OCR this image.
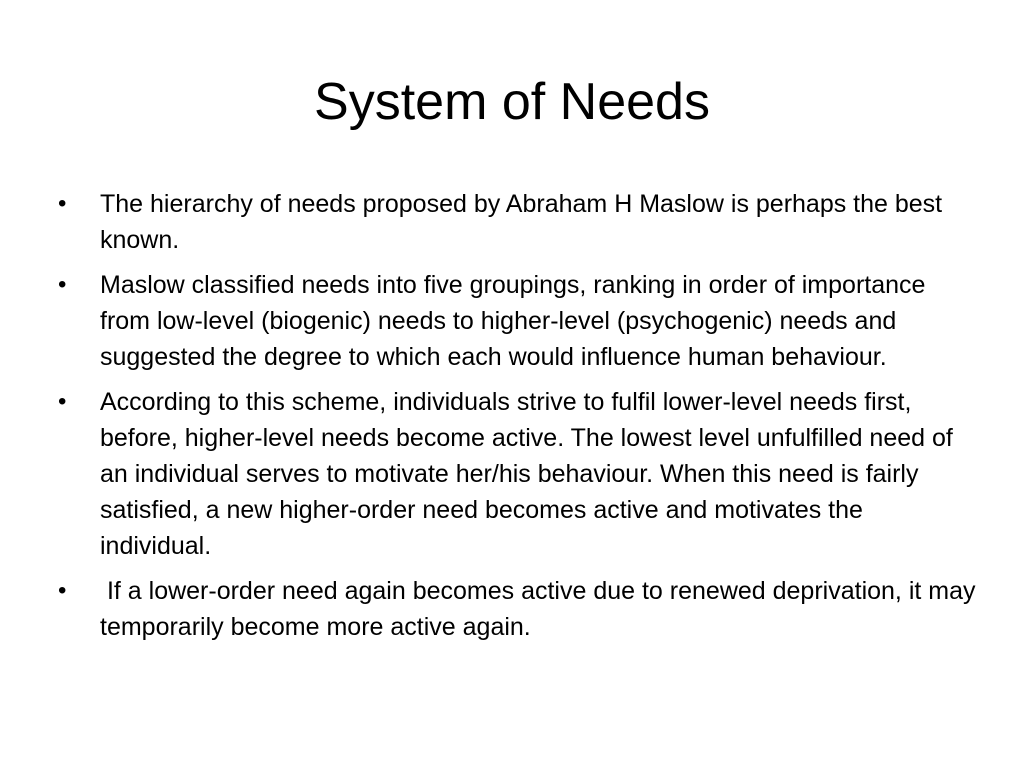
System of Needs
•	The hierarchy of needs proposed by Abraham H Maslow is perhaps the best known.
•	Maslow classified needs into five groupings, ranking in order of importance from low-level (biogenic) needs to higher-level (psychogenic) needs and suggested the degree to which each would influence human behaviour.
•	According to this scheme, individuals strive to fulfil lower-level needs first, before, higher-level needs become active. The lowest level unfulfilled need of an individual serves to motivate her/his behaviour. When this need is fairly satisfied, a new higher-order need becomes active and motivates the individual.
•	If a lower-order need again becomes active due to renewed deprivation, it may temporarily become more active again.
